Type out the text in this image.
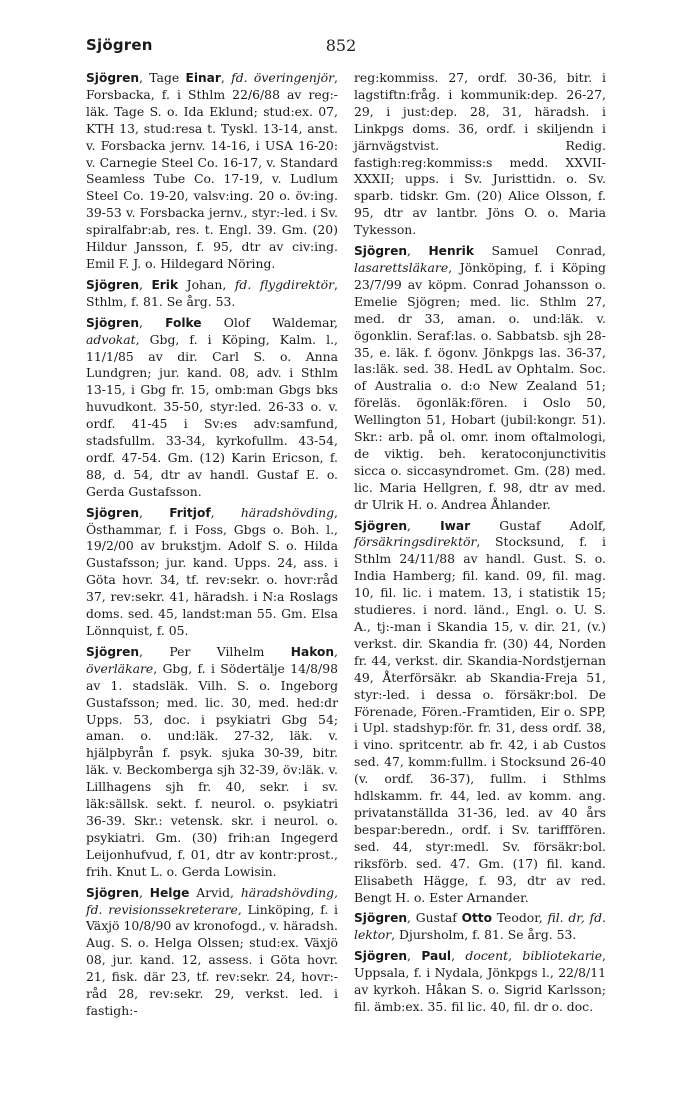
Sjögren	852

Sjögren, Tage Einar, fd. överingenjör, Forsbacka, f. i Sthlm 22/6/88 av reg:-läk. Tage S. o. Ida Eklund; stud:ex. 07, KTH 13, stud:resa t. Tyskl. 13-14, anst. v. Forsbacka jernv. 14-16, i USA 16-20: v. Carnegie Steel Co. 16-17, v. Standard Seamless Tube Co. 17-19, v. Ludlum Steel Co. 19-20, valsv:ing. 20 o. öv:ing. 39-53 v. Forsbacka jernv., styr:-led. i Sv. spiralfabr:ab, res. t. Engl. 39. Gm. (20) Hildur Jansson, f. 95, dtr av civ:ing. Emil F. J. o. Hildegard Nöring.

Sjögren, Erik Johan, fd. flygdirektör, Sthlm, f. 81. Se årg. 53.

Sjögren, Folke Olof Waldemar, advokat, Gbg, f. i Köping, Kalm. l., 11/1/85 av dir. Carl S. o. Anna Lundgren; jur. kand. 08, adv. i Sthlm 13-15, i Gbg fr. 15, omb:man Gbgs bks huvudkont. 35-50, styr:led. 26-33 o. v. ordf. 41-45 i Sv:es adv:samfund, stadsfullm. 33-34, kyrkofullm. 43-54, ordf. 47-54. Gm. (12) Karin Ericson, f. 88, d. 54, dtr av handl. Gustaf E. o. Gerda Gustafsson.

Sjögren, Fritjof, häradshövding, Östhammar, f. i Foss, Gbgs o. Boh. l., 19/2/00 av brukstjm. Adolf S. o. Hilda Gustafsson; jur. kand. Upps. 24, ass. i Göta hovr. 34, tf. rev:sekr. o. hovr:råd 37, rev:sekr. 41, häradsh. i N:a Roslags doms. sed. 45, landst:man 55. Gm. Elsa Lönnquist, f. 05.

Sjögren, Per Vilhelm Hakon, överläkare, Gbg, f. i Södertälje 14/8/98 av 1. stadsläk. Vilh. S. o. Ingeborg Gustafsson; med. lic. 30, med. hed:dr Upps. 53, doc. i psykiatri Gbg 54; aman. o. und:läk. 27-32, läk. v. hjälpbyrån f. psyk. sjuka 30-39, bitr. läk. v. Beckomberga sjh 32-39, öv:läk. v. Lillhagens sjh fr. 40, sekr. i sv. läk:sällsk. sekt. f. neurol. o. psykiatri 36-39. Skr.: vetensk. skr. i neurol. o. psykiatri. Gm. (30) frih:an Ingegerd Leijonhufvud, f. 01, dtr av kontr:prost., frih. Knut L. o. Gerda Lowisin.

Sjögren, Helge Arvid, häradshövding, fd. revisionssekreterare, Linköping, f. i Växjö 10/8/90 av kronofogd., v. häradsh. Aug. S. o. Helga Olssen; stud:ex. Växjö 08, jur. kand. 12, assess. i Göta hovr. 21, fisk. där 23, tf. rev:sekr. 24, hovr:-råd 28, rev:sekr. 29, verkst. led. i fastigh:-

reg:kommiss. 27, ordf. 30-36, bitr. i lagstiftn:fråg. i kommunik:dep. 26-27, 29, i just:dep. 28, 31, häradsh. i Linkpgs doms. 36, ordf. i skiljendn i järnvägstvist. Redig. fastigh:reg:kommiss:s medd. XXVII-XXXII; upps. i Sv. Juristtidn. o. Sv. sparb. tidskr. Gm. (20) Alice Olsson, f. 95, dtr av lantbr. Jöns O. o. Maria Tykesson.

Sjögren, Henrik Samuel Conrad, lasarettsläkare, Jönköping, f. i Köping 23/7/99 av köpm. Conrad Johansson o. Emelie Sjögren; med. lic. Sthlm 27, med. dr 33, aman. o. und:läk. v. ögonklin. Seraf:las. o. Sabbatsb. sjh 28-35, e. läk. f. ögonv. Jönkpgs las. 36-37, las:läk. sed. 38. HedL av Ophtalm. Soc. of Australia o. d:o New Zealand 51; föreläs. ögonläk:fören. i Oslo 50, Wellington 51, Hobart (jubil:kongr. 51). Skr.: arb. på ol. omr. inom oftalmologi, de viktig. beh. keratoconjunctivitis sicca o. siccasyndromet. Gm. (28) med. lic. Maria Hellgren, f. 98, dtr av med. dr Ulrik H. o. Andrea Åhlander.

Sjögren, Iwar Gustaf Adolf, försäkringsdirektör, Stocksund, f. i Sthlm 24/11/88 av handl. Gust. S. o. India Hamberg; fil. kand. 09, fil. mag. 10, fil. lic. i matem. 13, i statistik 15; studieres. i nord. länd., Engl. o. U. S. A., tj:-man i Skandia 15, v. dir. 21, (v.) verkst. dir. Skandia fr. (30) 44, Norden fr. 44, verkst. dir. Skandia-Nordstjernan 49, Återförsäkr. ab Skandia-Freja 51, styr:-led. i dessa o. försäkr:bol. De Förenade, Fören.-Framtiden, Eir o. SPP, i Upl. stadshyp:för. fr. 31, dess ordf. 38, i vino. spritcentr. ab fr. 42, i ab Custos sed. 47, komm:fullm. i Stocksund 26-40 (v. ordf. 36-37), fullm. i Sthlms hdlskamm. fr. 44, led. av komm. ang. privatanställda 31-36, led. av 40 års bespar:beredn., ordf. i Sv. tarifffören. sed. 44, styr:medl. Sv. försäkr:bol. riksförb. sed. 47. Gm. (17) fil. kand. Elisabeth Hägge, f. 93, dtr av red. Bengt H. o. Ester Arnander.

Sjögren, Gustaf Otto Teodor, fil. dr, fd. lektor, Djursholm, f. 81. Se årg. 53.

Sjögren, Paul, docent, bibliotekarie, Uppsala, f. i Nydala, Jönkpgs l., 22/8/11 av kyrkoh. Håkan S. o. Sigrid Karlsson; fil. ämb:ex. 35. fil lic. 40, fil. dr o. doc.
